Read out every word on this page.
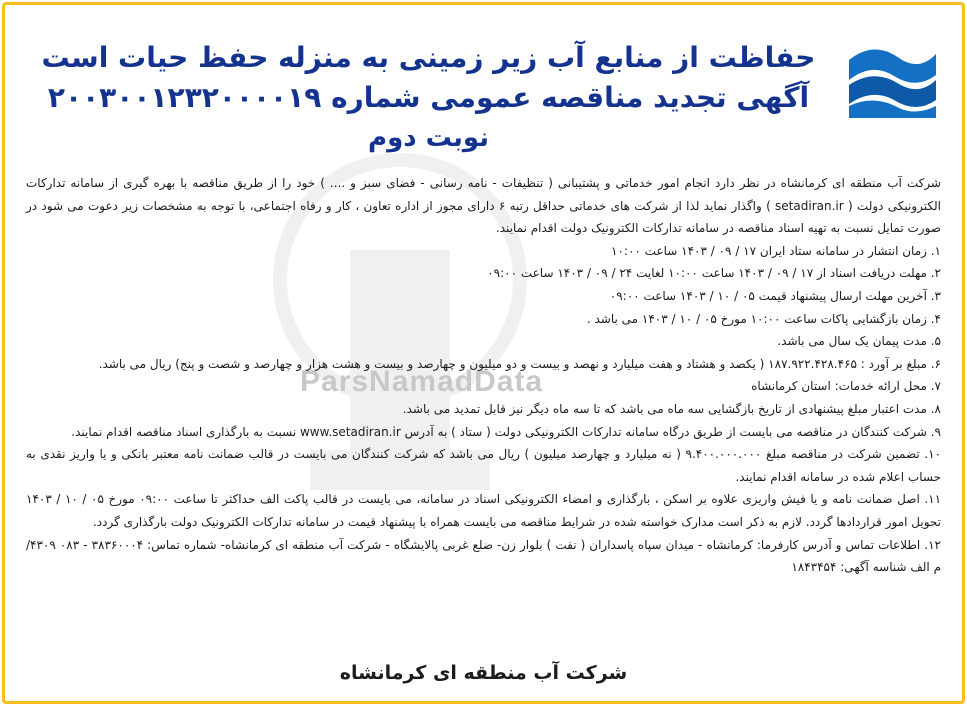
ParsNamadData
حفاظت از منابع آب زیر زمینی به منزله حفظ حیات است
آگهی تجدید مناقصه عمومی شماره ۲۰۰۳۰۰۱۲۳۲۰۰۰۰۱۹
نوبت دوم

شرکت آب منطقه ای کرمانشاه در نظر دارد انجام امور خدماتی و پشتیبانی ( تنظیفات - نامه رسانی - فضای سبز و .... ) خود را از طریق مناقصه با بهره گیری از سامانه تدارکات الکترونیکی دولت ( setadiran.ir ) واگذار نماید لذا از شرکت های خدماتی حداقل رتبه ۶ دارای مجوز از اداره تعاون ، کار و رفاه اجتماعی، با توجه به مشخصات زیر دعوت می شود در صورت تمایل نسبت به تهیه اسناد مناقصه در سامانه تدارکات الکترونیک دولت اقدام نمایند.

۱. زمان انتشار در سامانه ستاد ایران ۱۷ / ۰۹ / ۱۴۰۳ ساعت ۱۰:۰۰

۲. مهلت دریافت اسناد از ۱۷ / ۰۹ / ۱۴۰۳ ساعت ۱۰:۰۰ لغایت ۲۴ / ۰۹ / ۱۴۰۳ ساعت ۰۹:۰۰

۳. آخرین مهلت ارسال پیشنهاد قیمت ۰۵ / ۱۰ / ۱۴۰۳ ساعت ۰۹:۰۰

۴. زمان بازگشایی پاکات ساعت ۱۰:۰۰ مورخ ۰۵ / ۱۰ / ۱۴۰۳ می باشد .

۵. مدت پیمان یک سال می باشد.

۶. مبلغ بر آورد : ۱۸۷.۹۲۲.۴۲۸.۴۶۵ ( یکصد و هشتاد و هفت میلیارد و نهصد و بیست و دو میلیون و چهارصد و بیست و هشت هزار و چهارصد و شصت و پنج) ریال می باشد.

۷. محل ارائه خدمات: استان کرمانشاه

۸. مدت اعتبار مبلغ پیشنهادی از تاریخ بازگشایی سه ماه می باشد که تا سه ماه دیگر نیز قابل تمدید می باشد.

۹. شرکت کنندگان در مناقصه می بایست از طریق درگاه سامانه تدارکات الکترونیکی دولت ( ستاد ) به آدرس www.setadiran.ir نسبت به بارگذاری اسناد مناقصه اقدام نمایند.

۱۰. تضمین شرکت در مناقصه مبلغ ۹.۴۰۰.۰۰۰.۰۰۰ ( نه میلیارد و چهارصد میلیون ) ریال می باشد که شرکت کنندگان می بایست در قالب ضمانت نامه معتبر بانکی و یا واریز نقدی به حساب اعلام شده در سامانه اقدام نمایند.

۱۱. اصل ضمانت نامه و یا فیش واریزی علاوه بر اسکن ، بارگذاری و امضاء الکترونیکی اسناد در سامانه، می بایست در قالب پاکت الف حداکثر تا ساعت ۰۹:۰۰ مورخ ۰۵ / ۱۰ / ۱۴۰۳ تحویل امور قراردادها گردد. لازم به ذکر است مدارک خواسته شده در شرایط مناقصه می بایست همراه با پیشنهاد قیمت در سامانه تدارکات الکترونیک دولت بارگذاری گردد.

۱۲. اطلاعات تماس و آدرس کارفرما: کرمانشاه - میدان سپاه پاسداران ( نفت ) بلوار زن- ضلع غربی پالایشگاه - شرکت آب منطقه ای کرمانشاه- شماره تماس: ۳۸۳۶۰۰۰۴ - ۰۸۳ ۴۳۰۹/ م الف شناسه آگهی: ۱۸۴۳۴۵۴

شرکت آب منطقه ای کرمانشاه
